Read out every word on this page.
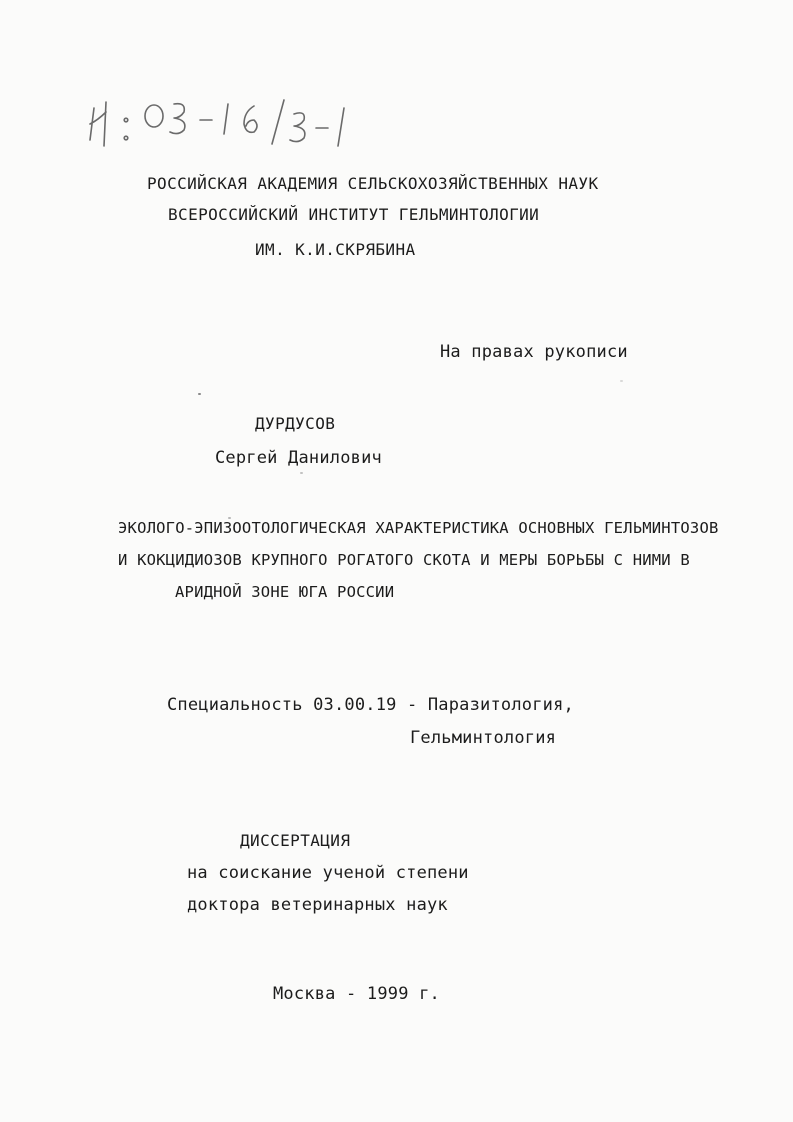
Д: 03-16/3-1
РОССИЙСКАЯ АКАДЕМИЯ СЕЛЬСКОХОЗЯЙСТВЕННЫХ НАУК
ВСЕРОССИЙСКИЙ ИНСТИТУТ ГЕЛЬМИНТОЛОГИИ
ИМ. К.И.СКРЯБИНА
На правах рукописи
ДУРДУСОВ
Сергей Данилович
ЭКОЛОГО-ЭПИЗООТОЛОГИЧЕСКАЯ ХАРАКТЕРИСТИКА ОСНОВНЫХ ГЕЛЬМИНТОЗОВ
И КОКЦИДИОЗОВ КРУПНОГО РОГАТОГО СКОТА И МЕРЫ БОРЬБЫ С НИМИ В
АРИДНОЙ ЗОНЕ ЮГА РОССИИ
Специальность 03.00.19 - Паразитология,
Гельминтология
ДИССЕРТАЦИЯ
на соискание ученой степени
доктора ветеринарных наук
Москва - 1999 г.
